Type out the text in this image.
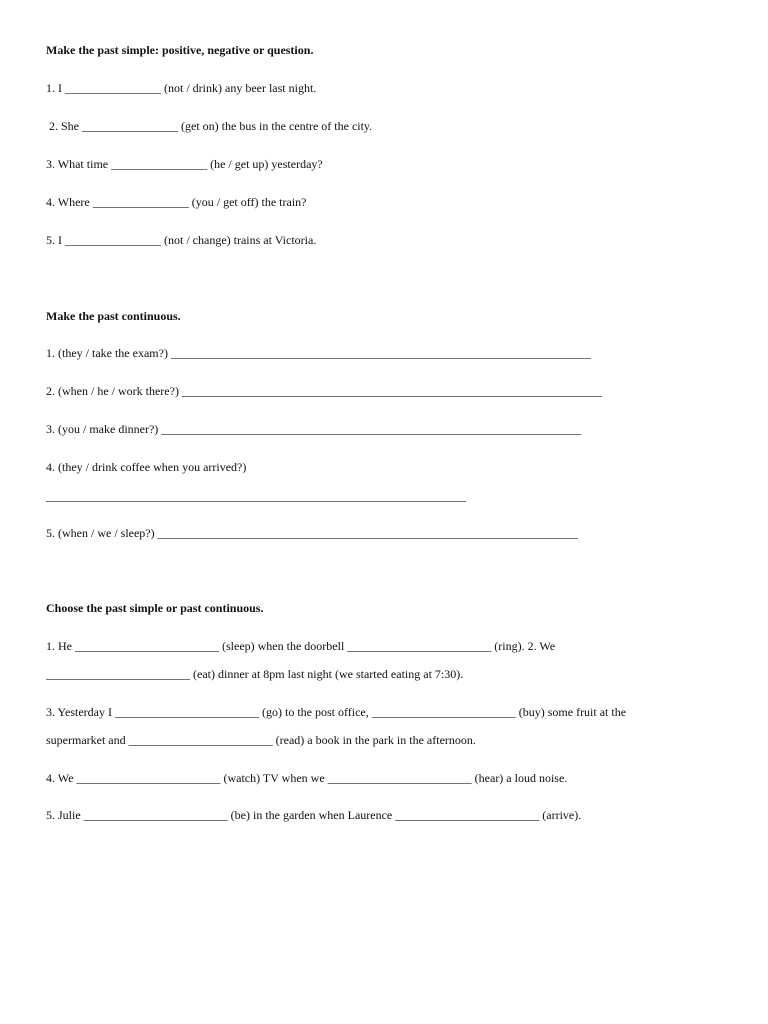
Make the past simple: positive, negative or question.
1. I ________________ (not / drink) any beer last night.
2. She ________________ (get on) the bus in the centre of the city.
3. What time ________________ (he / get up) yesterday?
4. Where ________________ (you / get off) the train?
5. I ________________ (not / change) trains at Victoria.
Make the past continuous.
1. (they / take the exam?) ______________________________________________________________________
2. (when / he / work there?) ______________________________________________________________________
3. (you / make dinner?) ______________________________________________________________________
4. (they / drink coffee when you arrived?)
______________________________________________________________________
5. (when / we / sleep?) ______________________________________________________________________
Choose the past simple or past continuous.
1. He ________________________ (sleep) when the doorbell ________________________ (ring). 2. We
________________________ (eat) dinner at 8pm last night (we started eating at 7:30).
3. Yesterday I ________________________ (go) to the post office, ________________________ (buy) some fruit at the
supermarket and ________________________ (read) a book in the park in the afternoon.
4. We ________________________ (watch) TV when we ________________________ (hear) a loud noise.
5. Julie ________________________ (be) in the garden when Laurence ________________________ (arrive).
